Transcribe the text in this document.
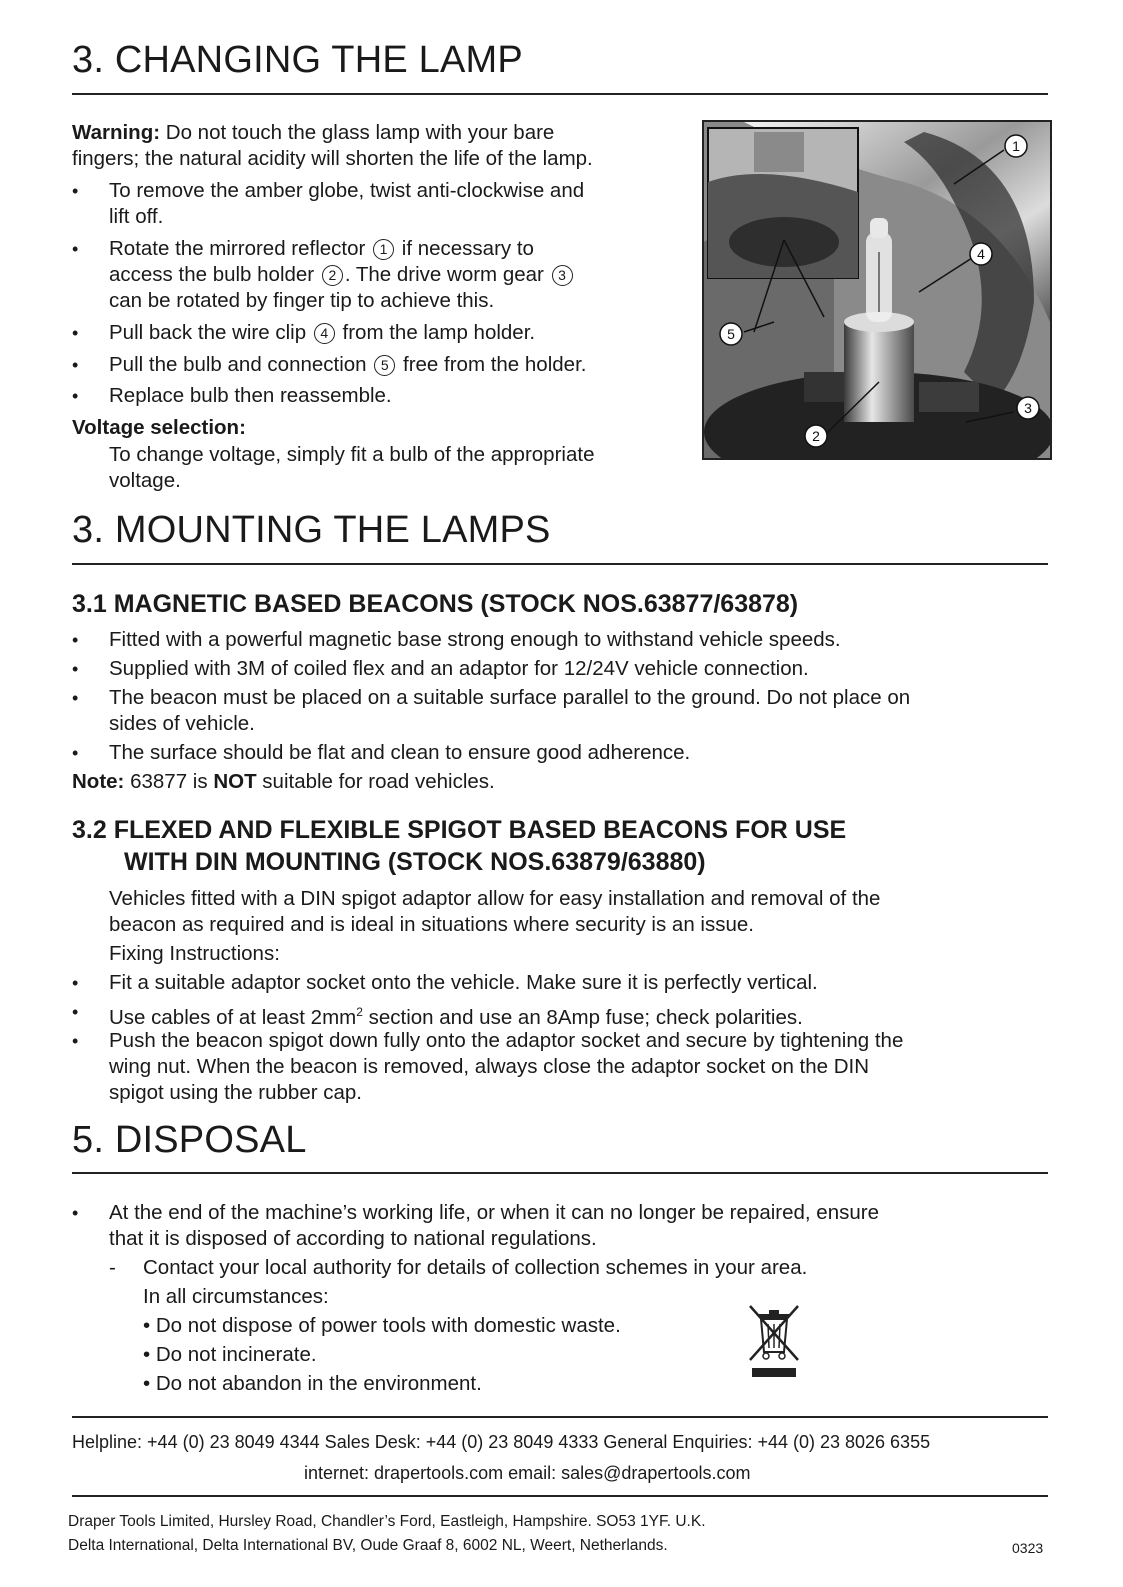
3. CHANGING THE LAMP

Warning: Do not touch the glass lamp with your bare

fingers; the natural acidity will shorten the life of the lamp.

• To remove the amber globe, twist anti-clockwise and

lift off.

• Rotate the mirrored reflector 1 if necessary to

access the bulb holder 2 . The drive worm gear 3

can be rotated by finger tip to achieve this.

• Pull back the wire clip 4 from the lamp holder.

• Pull the bulb and connection 5 free from the holder.

• Replace bulb then reassemble.

Voltage selection:

To change voltage, simply fit a bulb of the appropriate

voltage.

1
4
5
3
2
3. MOUNTING THE LAMPS
3.1 MAGNETIC BASED BEACONS (STOCK NOS.63877/63878)
• Fitted with a powerful magnetic base strong enough to withstand vehicle speeds.

• Supplied with 3M of coiled flex and an adaptor for 12/24V vehicle connection.

• The beacon must be placed on a suitable surface parallel to the ground. Do not place on

sides of vehicle.

• The surface should be flat and clean to ensure good adherence.

Note: 63877 is NOT suitable for road vehicles.

3.2 FLEXED AND FLEXIBLE SPIGOT BASED BEACONS FOR USE
WITH DIN MOUNTING (STOCK NOS.63879/63880)

Vehicles fitted with a DIN spigot adaptor allow for easy installation and removal of the

beacon as required and is ideal in situations where security is an issue.

Fixing Instructions:

• Fit a suitable adaptor socket onto the vehicle. Make sure it is perfectly vertical.

• Use cables of at least $2mm^2$ section and use an 8Amp fuse; check polarities.

• Push the beacon spigot down fully onto the adaptor socket and secure by tightening the

wing nut. When the beacon is removed, always close the adaptor socket on the DIN

spigot using the rubber cap.

5. DISPOSAL
• At the end of the machine’s working life, or when it can no longer be repaired, ensure

that it is disposed of according to national regulations.

- Contact your local authority for details of collection schemes in your area.

In all circumstances:

• Do not dispose of power tools with domestic waste.

• Do not incinerate.

• Do not abandon in the environment.

Helpline: +44 (0) 23 8049 4344 Sales Desk: +44 (0) 23 8049 4333 General Enquiries: +44 (0) 23 8026 6355
internet: drapertools.com email: sales@drapertools.com
Draper Tools Limited, Hursley Road, Chandler’s Ford, Eastleigh, Hampshire. SO53 1YF. U.K.
Delta International, Delta International BV, Oude Graaf 8, 6002 NL, Weert, Netherlands.	0323
